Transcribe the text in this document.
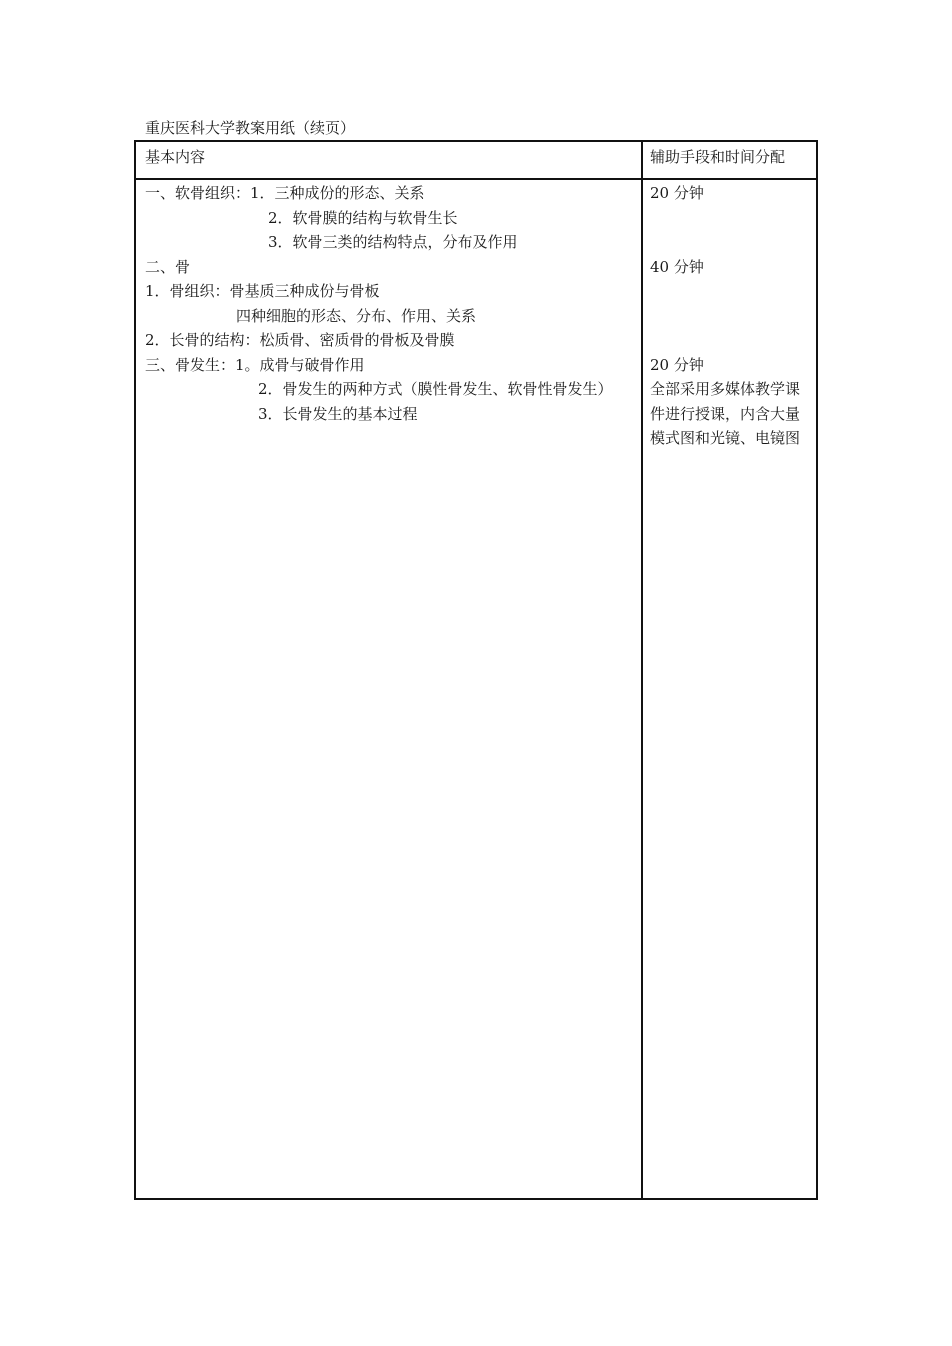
重庆医科大学教案用纸（续页）
基本内容	辅助手段和时间分配
一、软骨组织：1．三种成份的形态、关系
2．软骨膜的结构与软骨生长
3．软骨三类的结构特点，分布及作用
二、骨
1．骨组织：骨基质三种成份与骨板
四种细胞的形态、分布、作用、关系
2．长骨的结构：松质骨、密质骨的骨板及骨膜
三、骨发生：1。成骨与破骨作用
2．骨发生的两种方式（膜性骨发生、软骨性骨发生）
3．长骨发生的基本过程
20 分钟
40 分钟
20 分钟
全部采用多媒体教学课件进行授课，内含大量模式图和光镜、电镜图
